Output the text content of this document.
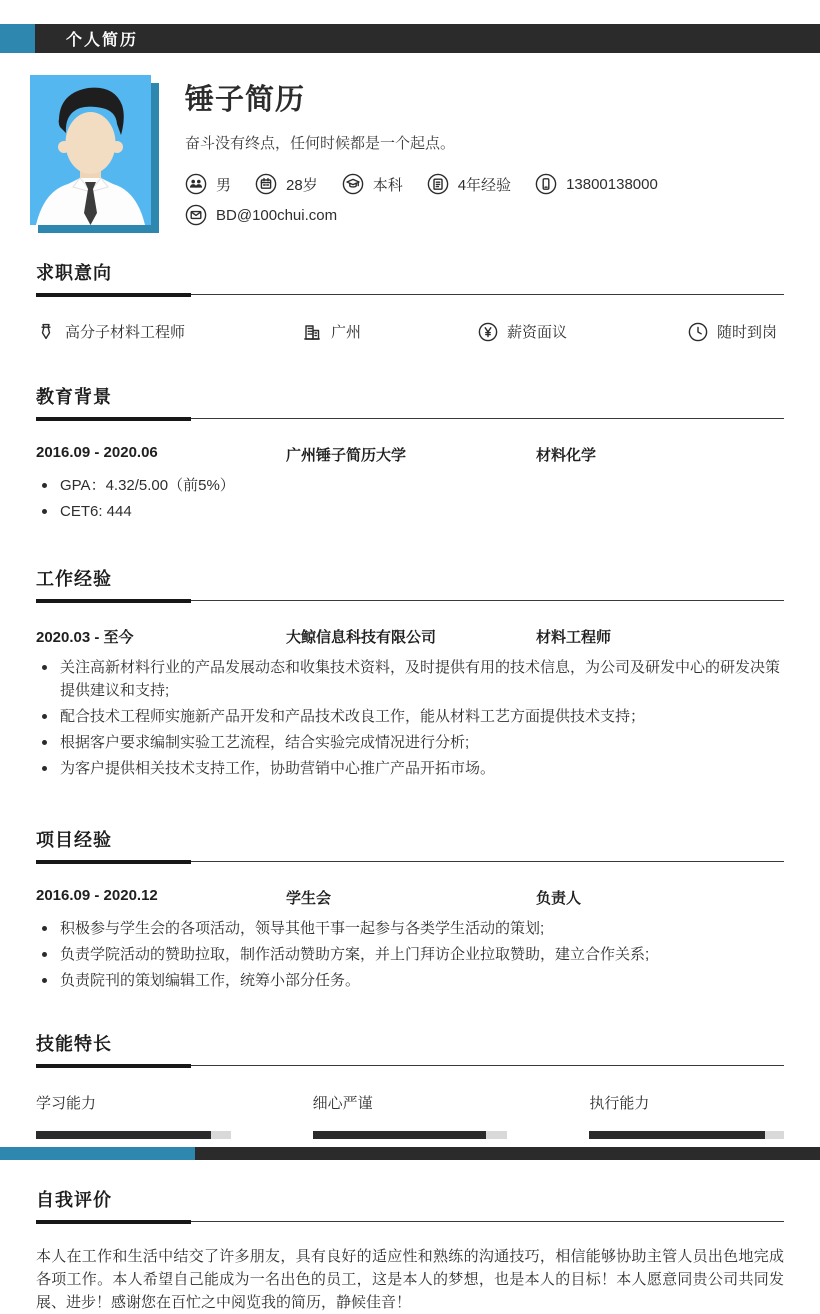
个人简历
锤子简历
奋斗没有终点，任何时候都是一个起点。
男	28岁	本科	4年经验	13800138000
BD@100chui.com
求职意向
高分子材料工程师	广州	薪资面议	随时到岗
教育背景
2016.09 - 2020.06	广州锤子简历大学	材料化学
GPA：4.32/5.00（前5%）
CET6: 444
工作经验
2020.03 - 至今	大鲸信息科技有限公司	材料工程师
关注高新材料行业的产品发展动态和收集技术资料，及时提供有用的技术信息，为公司及研发中心的研发决策提供建议和支持;
配合技术工程师实施新产品开发和产品技术改良工作，能从材料工艺方面提供技术支持；
根据客户要求编制实验工艺流程，结合实验完成情况进行分析;
为客户提供相关技术支持工作，协助营销中心推广产品开拓市场。
项目经验
2016.09 - 2020.12	学生会	负责人
积极参与学生会的各项活动，领导其他干事一起参与各类学生活动的策划;
负责学院活动的赞助拉取，制作活动赞助方案，并上门拜访企业拉取赞助，建立合作关系;
负责院刊的策划编辑工作，统筹小部分任务。
技能特长
学习能力	细心严谨	执行能力
自我评价
本人在工作和生活中结交了许多朋友，具有良好的适应性和熟练的沟通技巧，相信能够协助主管人员出色地完成各项工作。本人希望自己能成为一名出色的员工，这是本人的梦想，也是本人的目标！本人愿意同贵公司共同发展、进步！感谢您在百忙之中阅览我的简历，静候佳音！
